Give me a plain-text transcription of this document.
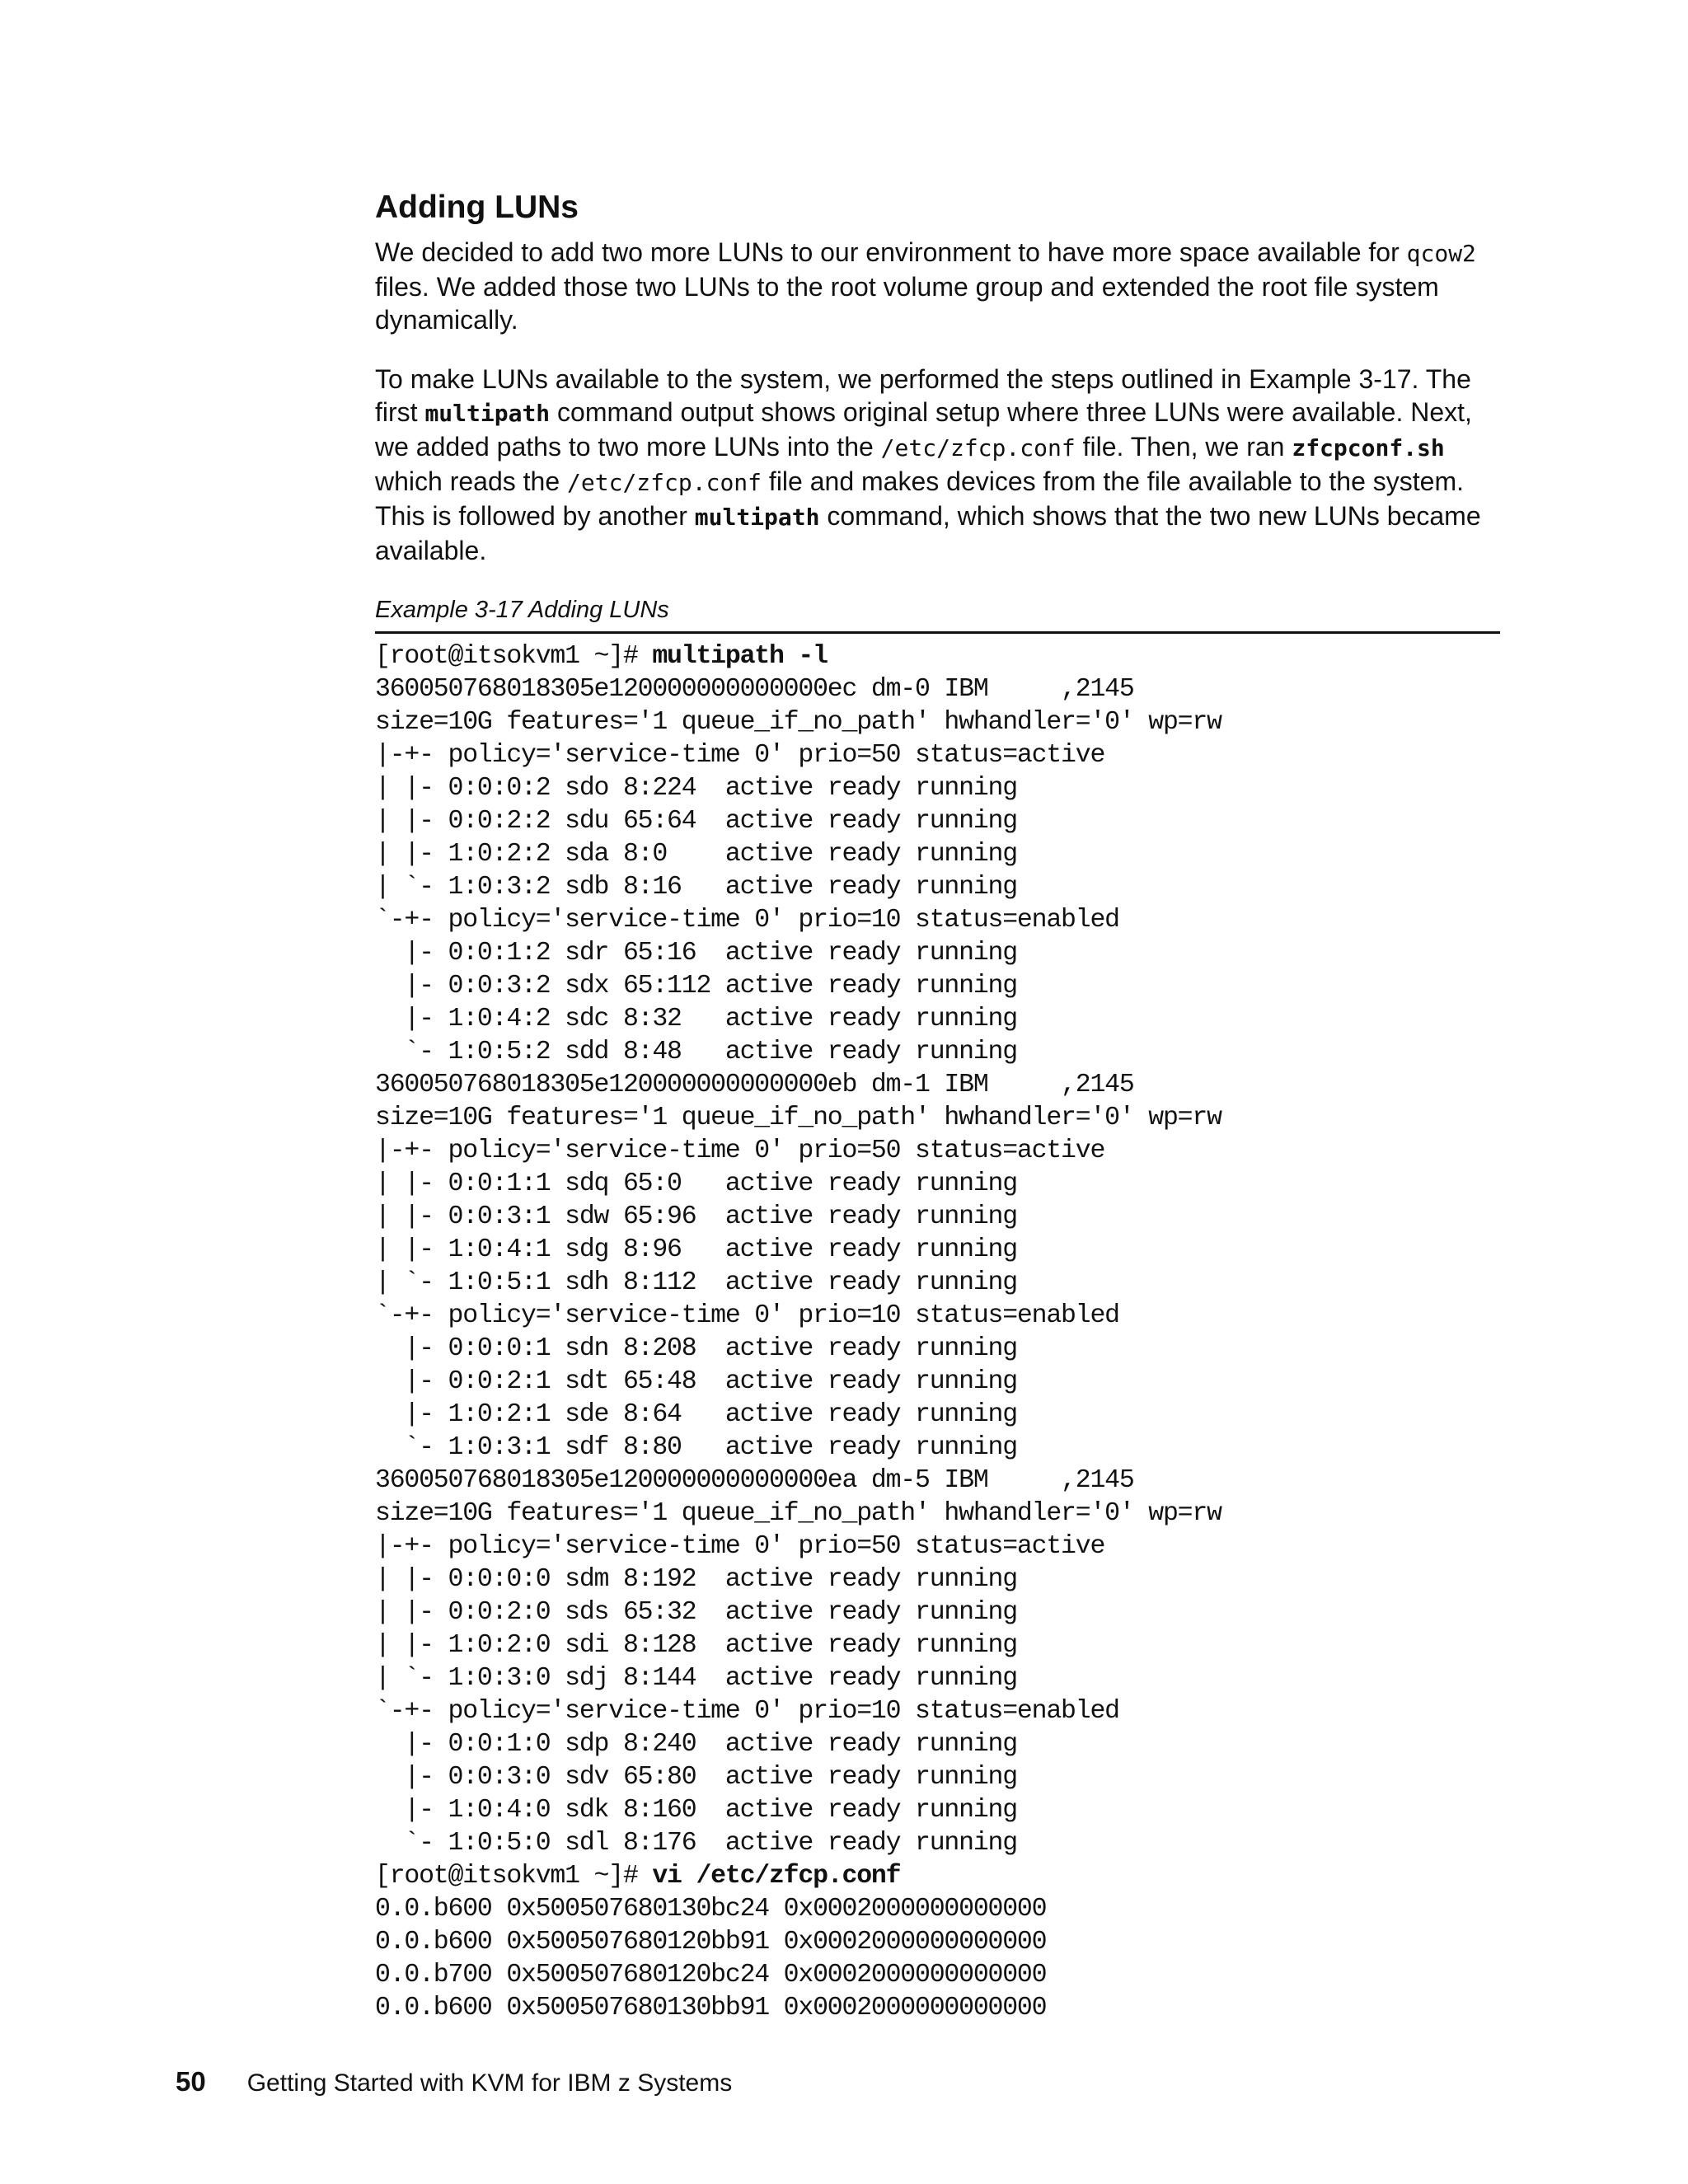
Adding LUNs

We decided to add two more LUNs to our environment to have more space available for qcow2 files. We added those two LUNs to the root volume group and extended the root file system dynamically.

To make LUNs available to the system, we performed the steps outlined in Example 3-17. The first multipath command output shows original setup where three LUNs were available. Next, we added paths to two more LUNs into the /etc/zfcp.conf file. Then, we ran zfcpconf.sh which reads the /etc/zfcp.conf file and makes devices from the file available to the system. This is followed by another multipath command, which shows that the two new LUNs became available.

Example 3-17 Adding LUNs
[root@itsokvm1 ~]# multipath -l
360050768018305e120000000000000ec dm-0 IBM     ,2145
size=10G features='1 queue_if_no_path' hwhandler='0' wp=rw
|-+- policy='service-time 0' prio=50 status=active
| |- 0:0:0:2 sdo 8:224  active ready running
| |- 0:0:2:2 sdu 65:64  active ready running
| |- 1:0:2:2 sda 8:0    active ready running
| `- 1:0:3:2 sdb 8:16   active ready running
`-+- policy='service-time 0' prio=10 status=enabled
|- 0:0:1:2 sdr 65:16  active ready running
|- 0:0:3:2 sdx 65:112 active ready running
|- 1:0:4:2 sdc 8:32   active ready running
`- 1:0:5:2 sdd 8:48   active ready running
360050768018305e120000000000000eb dm-1 IBM     ,2145
size=10G features='1 queue_if_no_path' hwhandler='0' wp=rw
|-+- policy='service-time 0' prio=50 status=active
| |- 0:0:1:1 sdq 65:0   active ready running
| |- 0:0:3:1 sdw 65:96  active ready running
| |- 1:0:4:1 sdg 8:96   active ready running
| `- 1:0:5:1 sdh 8:112  active ready running
`-+- policy='service-time 0' prio=10 status=enabled
|- 0:0:0:1 sdn 8:208  active ready running
|- 0:0:2:1 sdt 65:48  active ready running
|- 1:0:2:1 sde 8:64   active ready running
`- 1:0:3:1 sdf 8:80   active ready running
360050768018305e120000000000000ea dm-5 IBM     ,2145
size=10G features='1 queue_if_no_path' hwhandler='0' wp=rw
|-+- policy='service-time 0' prio=50 status=active
| |- 0:0:0:0 sdm 8:192  active ready running
| |- 0:0:2:0 sds 65:32  active ready running
| |- 1:0:2:0 sdi 8:128  active ready running
| `- 1:0:3:0 sdj 8:144  active ready running
`-+- policy='service-time 0' prio=10 status=enabled
|- 0:0:1:0 sdp 8:240  active ready running
|- 0:0:3:0 sdv 65:80  active ready running
|- 1:0:4:0 sdk 8:160  active ready running
`- 1:0:5:0 sdl 8:176  active ready running
[root@itsokvm1 ~]# vi /etc/zfcp.conf
0.0.b600 0x500507680130bc24 0x0002000000000000
0.0.b600 0x500507680120bb91 0x0002000000000000
0.0.b700 0x500507680120bc24 0x0002000000000000
0.0.b600 0x500507680130bb91 0x0002000000000000
50 Getting Started with KVM for IBM z Systems
